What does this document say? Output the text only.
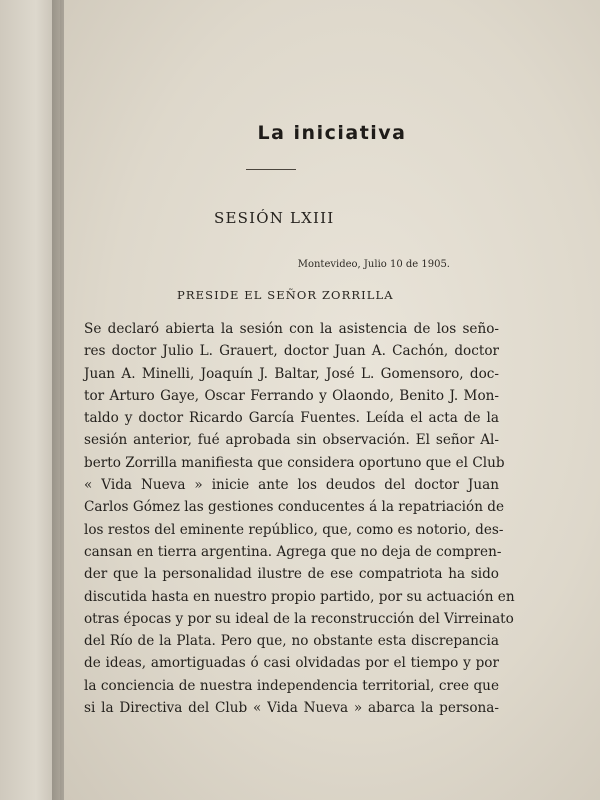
La iniciativa
SESIÓN LXIII
Montevideo, Julio 10 de 1905.
PRESIDE EL SEÑOR ZORRILLA
Se declaró abierta la sesión con la asistencia de los seño-
res doctor Julio L. Grauert, doctor Juan A. Cachón, doctor
Juan A. Minelli, Joaquín J. Baltar, José L. Gomensoro, doc-
tor Arturo Gaye, Oscar Ferrando y Olaondo, Benito J. Mon-
taldo y doctor Ricardo García Fuentes. Leída el acta de la
sesión anterior, fué aprobada sin observación. El señor Al-
berto Zorrilla manifiesta que considera oportuno que el Club
« Vida Nueva » inicie ante los deudos del doctor Juan
Carlos Gómez las gestiones conducentes á la repatriación de
los restos del eminente repúblico, que, como es notorio, des-
cansan en tierra argentina. Agrega que no deja de compren-
der que la personalidad ilustre de ese compatriota ha sido
discutida hasta en nuestro propio partido, por su actuación en
otras épocas y por su ideal de la reconstrucción del Virreinato
del Río de la Plata. Pero que, no obstante esta discrepancia
de ideas, amortiguadas ó casi olvidadas por el tiempo y por
la conciencia de nuestra independencia territorial, cree que
si la Directiva del Club « Vida Nueva » abarca la persona-
